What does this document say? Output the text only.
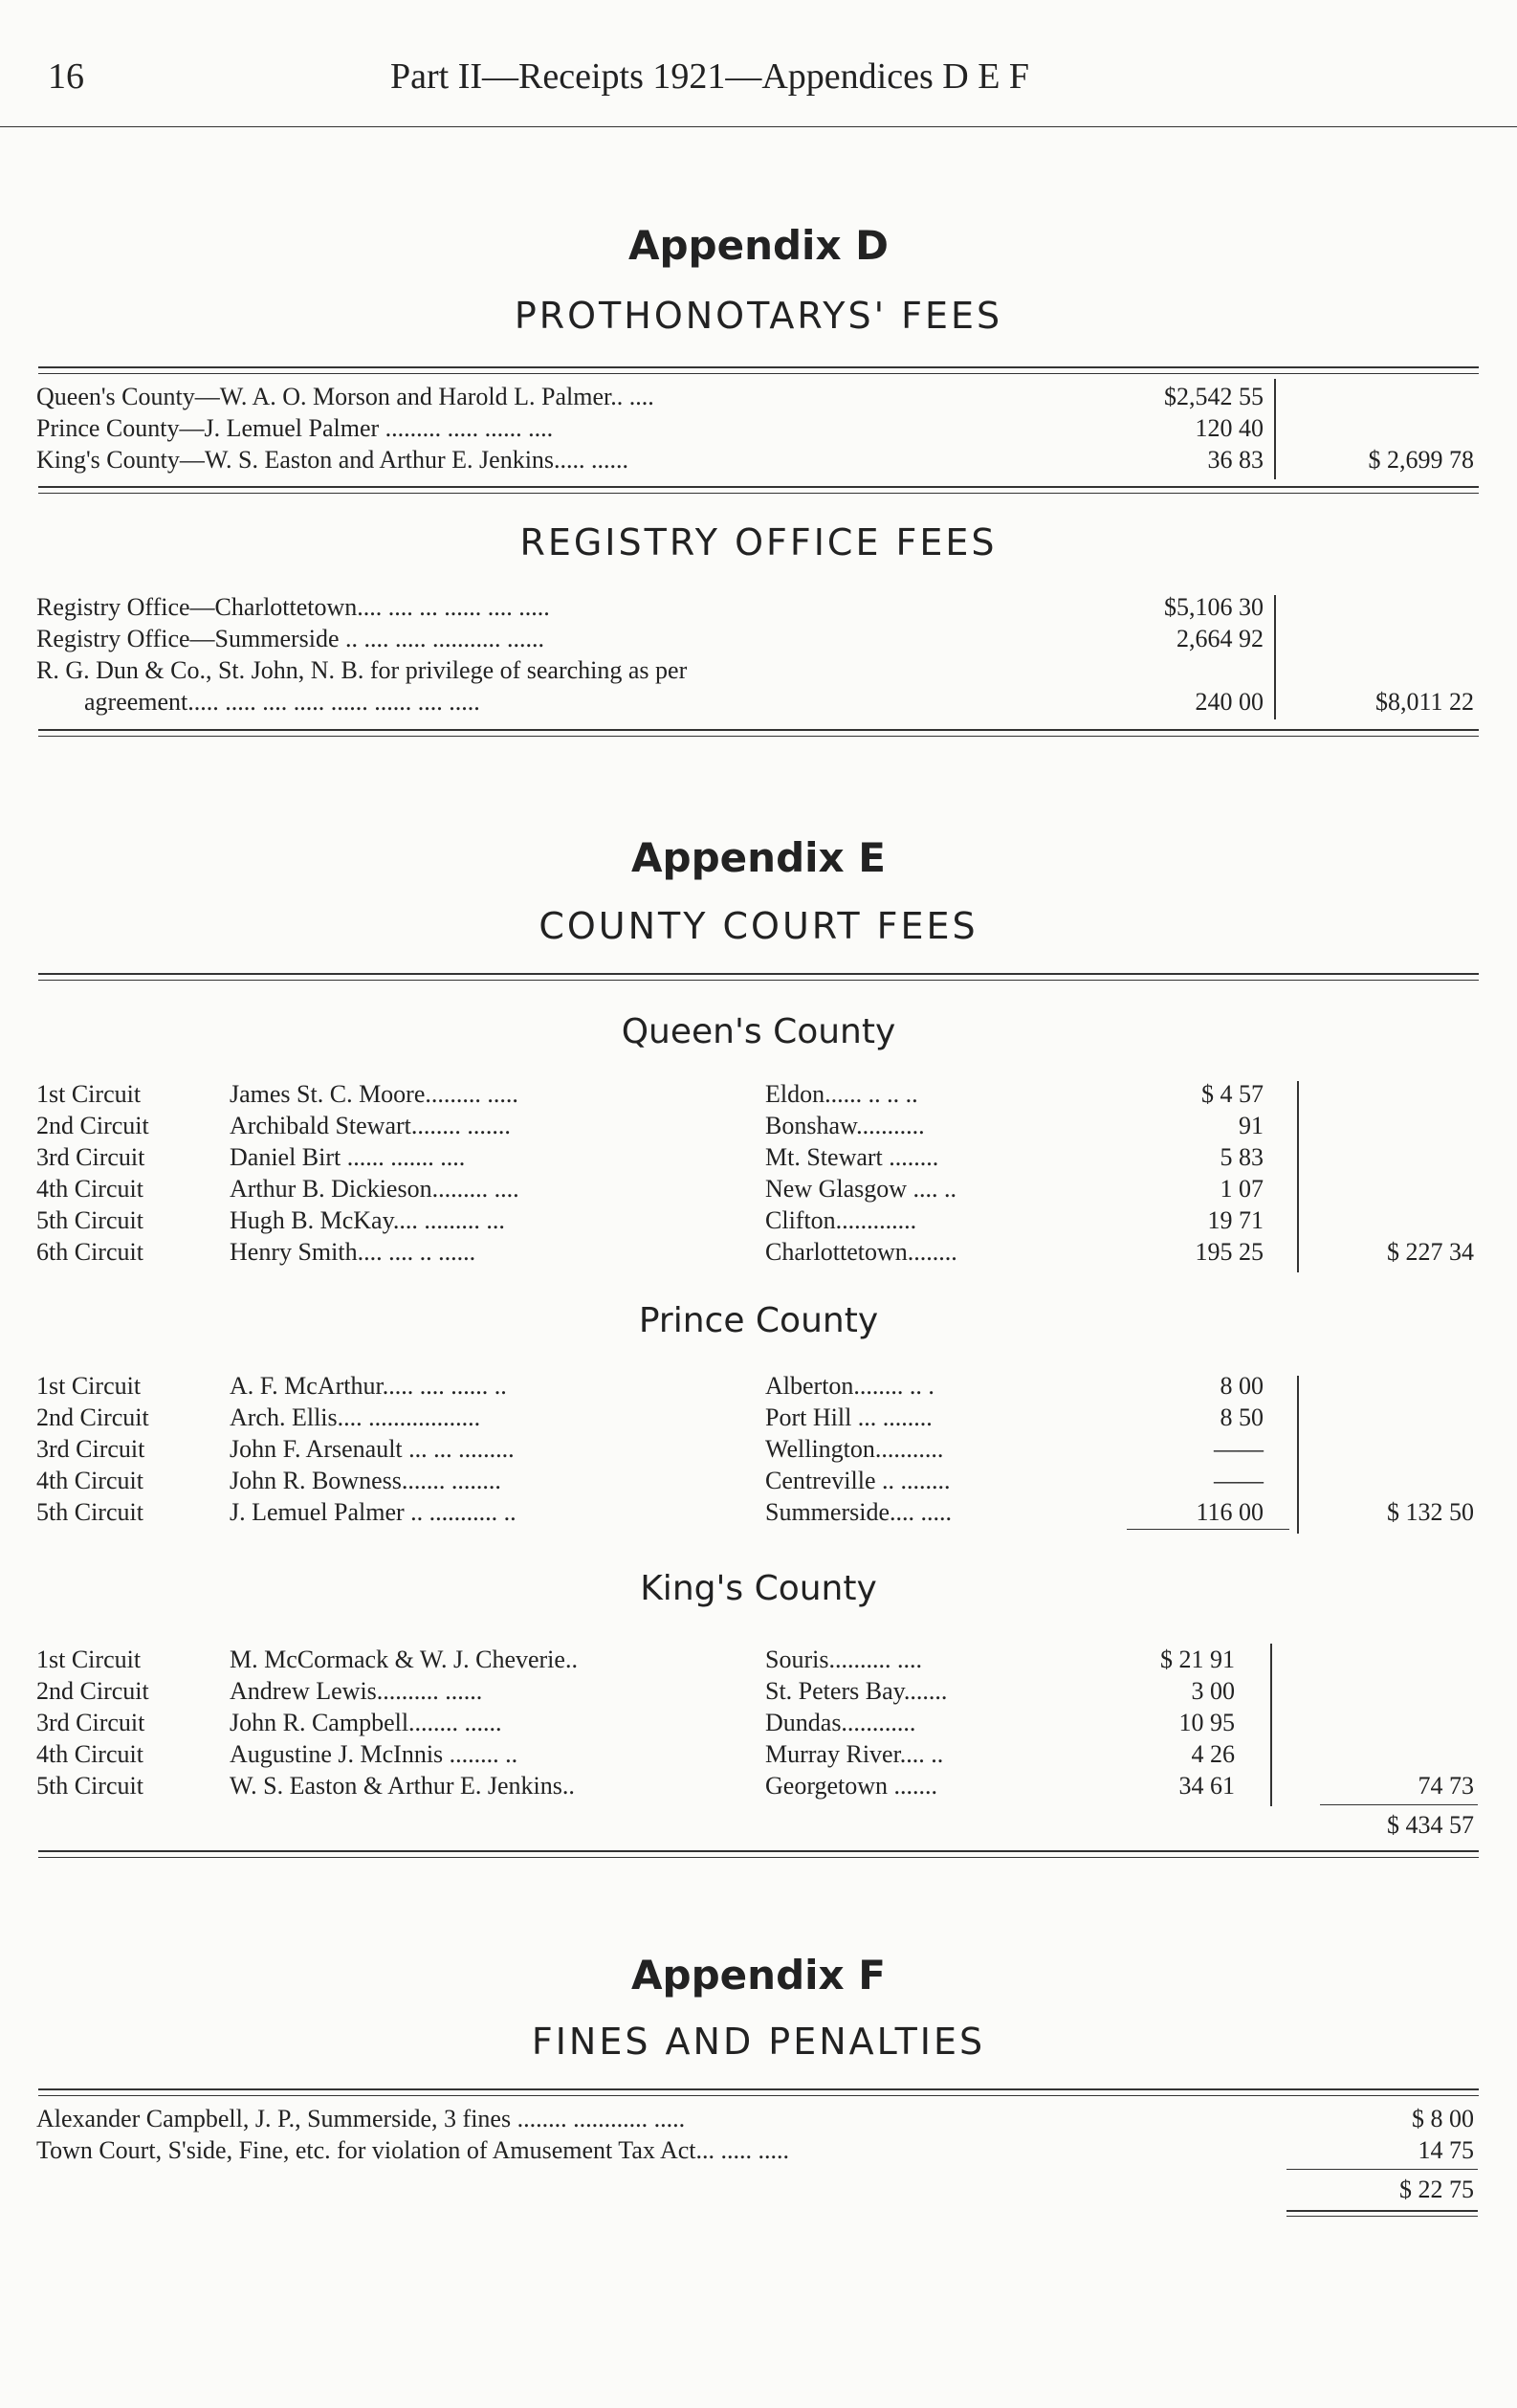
16	Part II—Receipts 1921—Appendices D E F
Appendix D
PROTHONOTARYS' FEES
Queen's County—W. A. O. Morson and Harold L. Palmer.. ....	$2,542 55
Prince County—J. Lemuel Palmer ......... ..... ...... ....	120 40
King's County—W. S. Easton and Arthur E. Jenkins..... ......	36 83	$ 2,699 78
REGISTRY OFFICE FEES
Registry Office—Charlottetown.... .... ... ...... .... .....	$5,106 30
Registry Office—Summerside .. .... ..... ........... ......	2,664 92
R. G. Dun & Co., St. John, N. B. for privilege of searching as per
agreement..... ..... .... ..... ...... ...... .... .....	240 00	$8,011 22
Appendix E
COUNTY COURT FEES
Queen's County
1st Circuit	James St. C. Moore......... .....	Eldon...... .. .. ..	$ 4 57
2nd Circuit	Archibald Stewart........ .......	Bonshaw...........	91
3rd Circuit	Daniel Birt ...... ....... ....	Mt. Stewart ........	5 83
4th Circuit	Arthur B. Dickieson......... ....	New Glasgow .... ..	1 07
5th Circuit	Hugh B. McKay.... ......... ...	Clifton.............	19 71
6th Circuit	Henry Smith.... .... .. ......	Charlottetown........	195 25	$ 227 34
Prince County
1st Circuit	A. F. McArthur..... .... ...... ..	Alberton........ .. .	8 00
2nd Circuit	Arch. Ellis.... ..................	Port Hill ... ........	8 50
3rd Circuit	John F. Arsenault ... ... .........	Wellington...........	——
4th Circuit	John R. Bowness....... ........	Centreville .. ........	——
5th Circuit	J. Lemuel Palmer .. ........... ..	Summerside.... .....	116 00	$ 132 50
King's County
1st Circuit	M. McCormack & W. J. Cheverie..	Souris.......... ....	$ 21 91
2nd Circuit	Andrew Lewis.......... ......	St. Peters Bay.......	3 00
3rd Circuit	John R. Campbell........ ......	Dundas............	10 95
4th Circuit	Augustine J. McInnis ........ ..	Murray River.... ..	4 26
5th Circuit	W. S. Easton & Arthur E. Jenkins..	Georgetown .......	34 61	74 73
$ 434 57
Appendix F
FINES AND PENALTIES
Alexander Campbell, J. P., Summerside, 3 fines ........ ............ .....	$ 8 00
Town Court, S'side, Fine, etc. for violation of Amusement Tax Act... ..... .....	14 75
$ 22 75
